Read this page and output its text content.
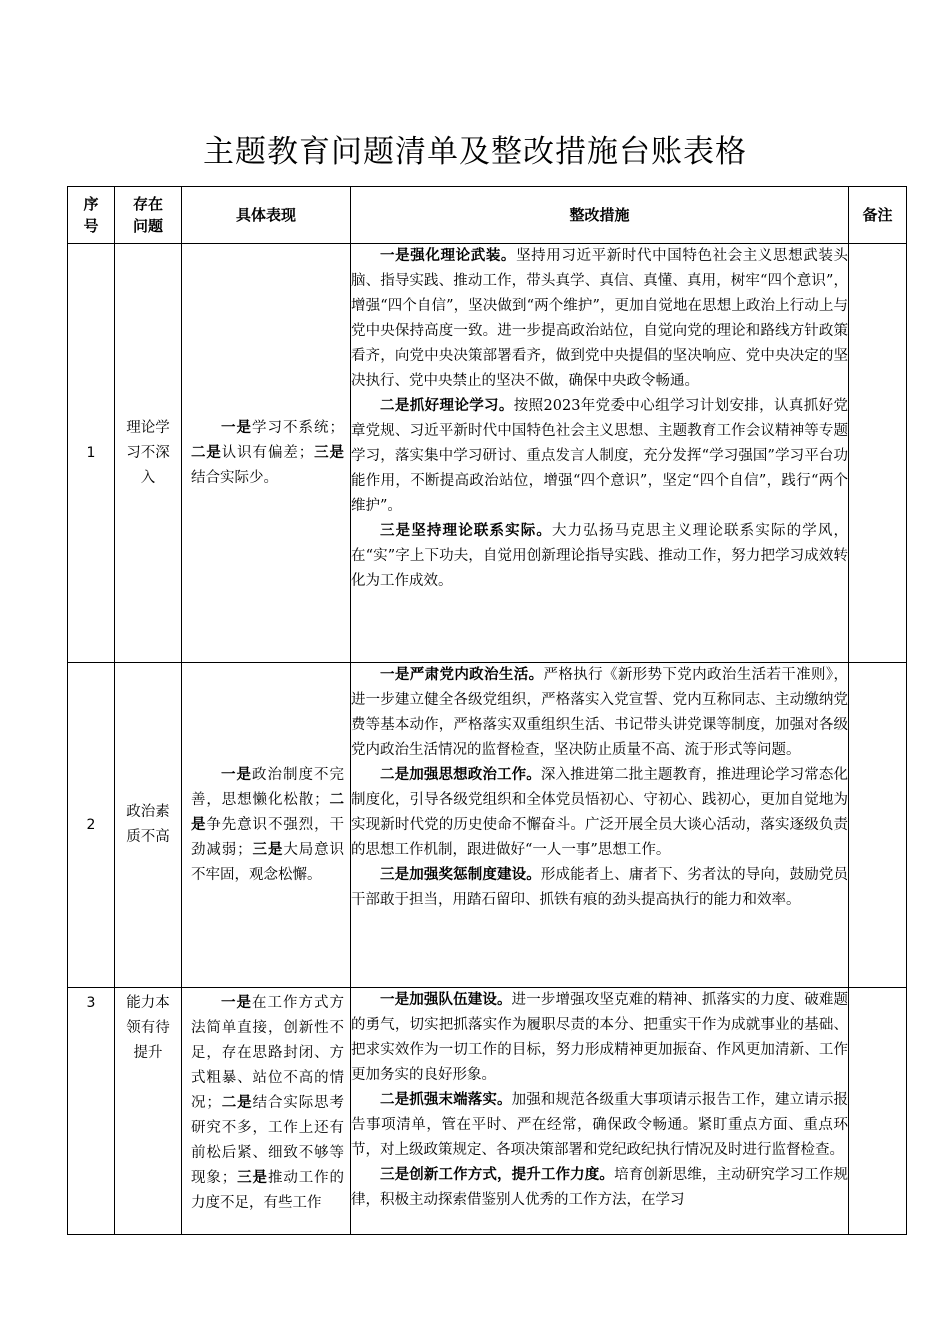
主题教育问题清单及整改措施台账表格
序号	存在问题	具体表现	整改措施	备注
1	理论学习不深入	一是学习不系统；二是认识有偏差；三是结合实际少。	一是强化理论武装。坚持用习近平新时代中国特色社会主义思想武装头脑、指导实践、推动工作，带头真学、真信、真懂、真用，树牢“四个意识”，增强“四个自信”，坚决做到“两个维护”，更加自觉地在思想上政治上行动上与党中央保持高度一致。进一步提高政治站位，自觉向党的理论和路线方针政策看齐，向党中央决策部署看齐，做到党中央提倡的坚决响应、党中央决定的坚决执行、党中央禁止的坚决不做，确保中央政令畅通。

二是抓好理论学习。按照2023年党委中心组学习计划安排，认真抓好党章党规、习近平新时代中国特色社会主义思想、主题教育工作会议精神等专题学习，落实集中学习研讨、重点发言人制度，充分发挥“学习强国”学习平台功能作用，不断提高政治站位，增强“四个意识”，坚定“四个自信”，践行“两个维护”。

三是坚持理论联系实际。大力弘扬马克思主义理论联系实际的学风，在“实”字上下功夫，自觉用创新理论指导实践、推动工作，努力把学习成效转化为工作成效。	

2	政治素质不高	一是政治制度不完善，思想懒化松散；二是争先意识不强烈，干劲减弱；三是大局意识不牢固，观念松懈。	一是严肃党内政治生活。严格执行《新形势下党内政治生活若干准则》，进一步建立健全各级党组织，严格落实入党宣誓、党内互称同志、主动缴纳党费等基本动作，严格落实双重组织生活、书记带头讲党课等制度，加强对各级党内政治生活情况的监督检查，坚决防止质量不高、流于形式等问题。

二是加强思想政治工作。深入推进第二批主题教育，推进理论学习常态化制度化，引导各级党组织和全体党员悟初心、守初心、践初心，更加自觉地为实现新时代党的历史使命不懈奋斗。广泛开展全员大谈心活动，落实逐级负责的思想工作机制，跟进做好“一人一事”思想工作。

三是加强奖惩制度建设。形成能者上、庸者下、劣者汰的导向，鼓励党员干部敢于担当，用踏石留印、抓铁有痕的劲头提高执行的能力和效率。	

3	能力本领有待提升	一是在工作方式方法简单直接，创新性不足，存在思路封闭、方式粗暴、站位不高的情况；二是结合实际思考研究不多，工作上还有前松后紧、细致不够等现象；三是推动工作的力度不足，有些工作	一是加强队伍建设。进一步增强攻坚克难的精神、抓落实的力度、破难题的勇气，切实把抓落实作为履职尽责的本分、把重实干作为成就事业的基础、把求实效作为一切工作的目标，努力形成精神更加振奋、作风更加清新、工作更加务实的良好形象。

二是抓强末端落实。加强和规范各级重大事项请示报告工作，建立请示报告事项清单，管在平时、严在经常，确保政令畅通。紧盯重点方面、重点环节，对上级政策规定、各项决策部署和党纪政纪执行情况及时进行监督检查。

三是创新工作方式，提升工作力度。培育创新思维，主动研究学习工作规律，积极主动探索借鉴别人优秀的工作方法，在学习	
